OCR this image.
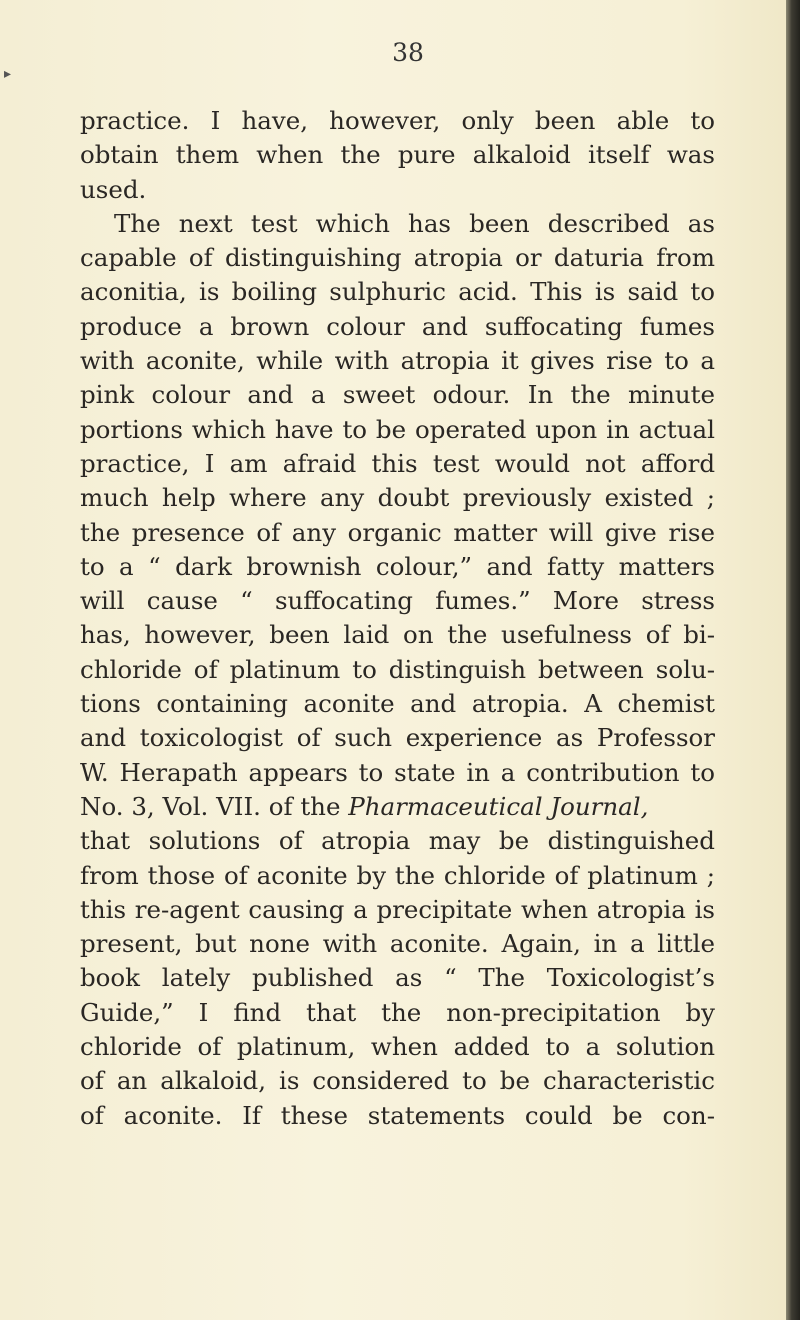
▸
38
practice. I have, however, only been able to
obtain them when the pure alkaloid itself was
used.
The next test which has been described as
capable of distinguishing atropia or daturia from
aconitia, is boiling sulphuric acid. This is said to
produce a brown colour and suffocating fumes
with aconite, while with atropia it gives rise to a
pink colour and a sweet odour. In the minute
portions which have to be operated upon in actual
practice, I am afraid this test would not afford
much help where any doubt previously existed ;
the presence of any organic matter will give rise
to a “ dark brownish colour,” and fatty matters
will cause “ suffocating fumes.” More stress
has, however, been laid on the usefulness of bi-
chloride of platinum to distinguish between solu-
tions containing aconite and atropia. A chemist
and toxicologist of such experience as Professor
W. Herapath appears to state in a contribution to
No. 3, Vol. VII. of the Pharmaceutical Journal,
that solutions of atropia may be distinguished
from those of aconite by the chloride of platinum ;
this re-agent causing a precipitate when atropia is
present, but none with aconite. Again, in a little
book lately published as “ The Toxicologist’s
Guide,” I find that the non-precipitation by
chloride of platinum, when added to a solution
of an alkaloid, is considered to be characteristic
of aconite. If these statements could be con-
